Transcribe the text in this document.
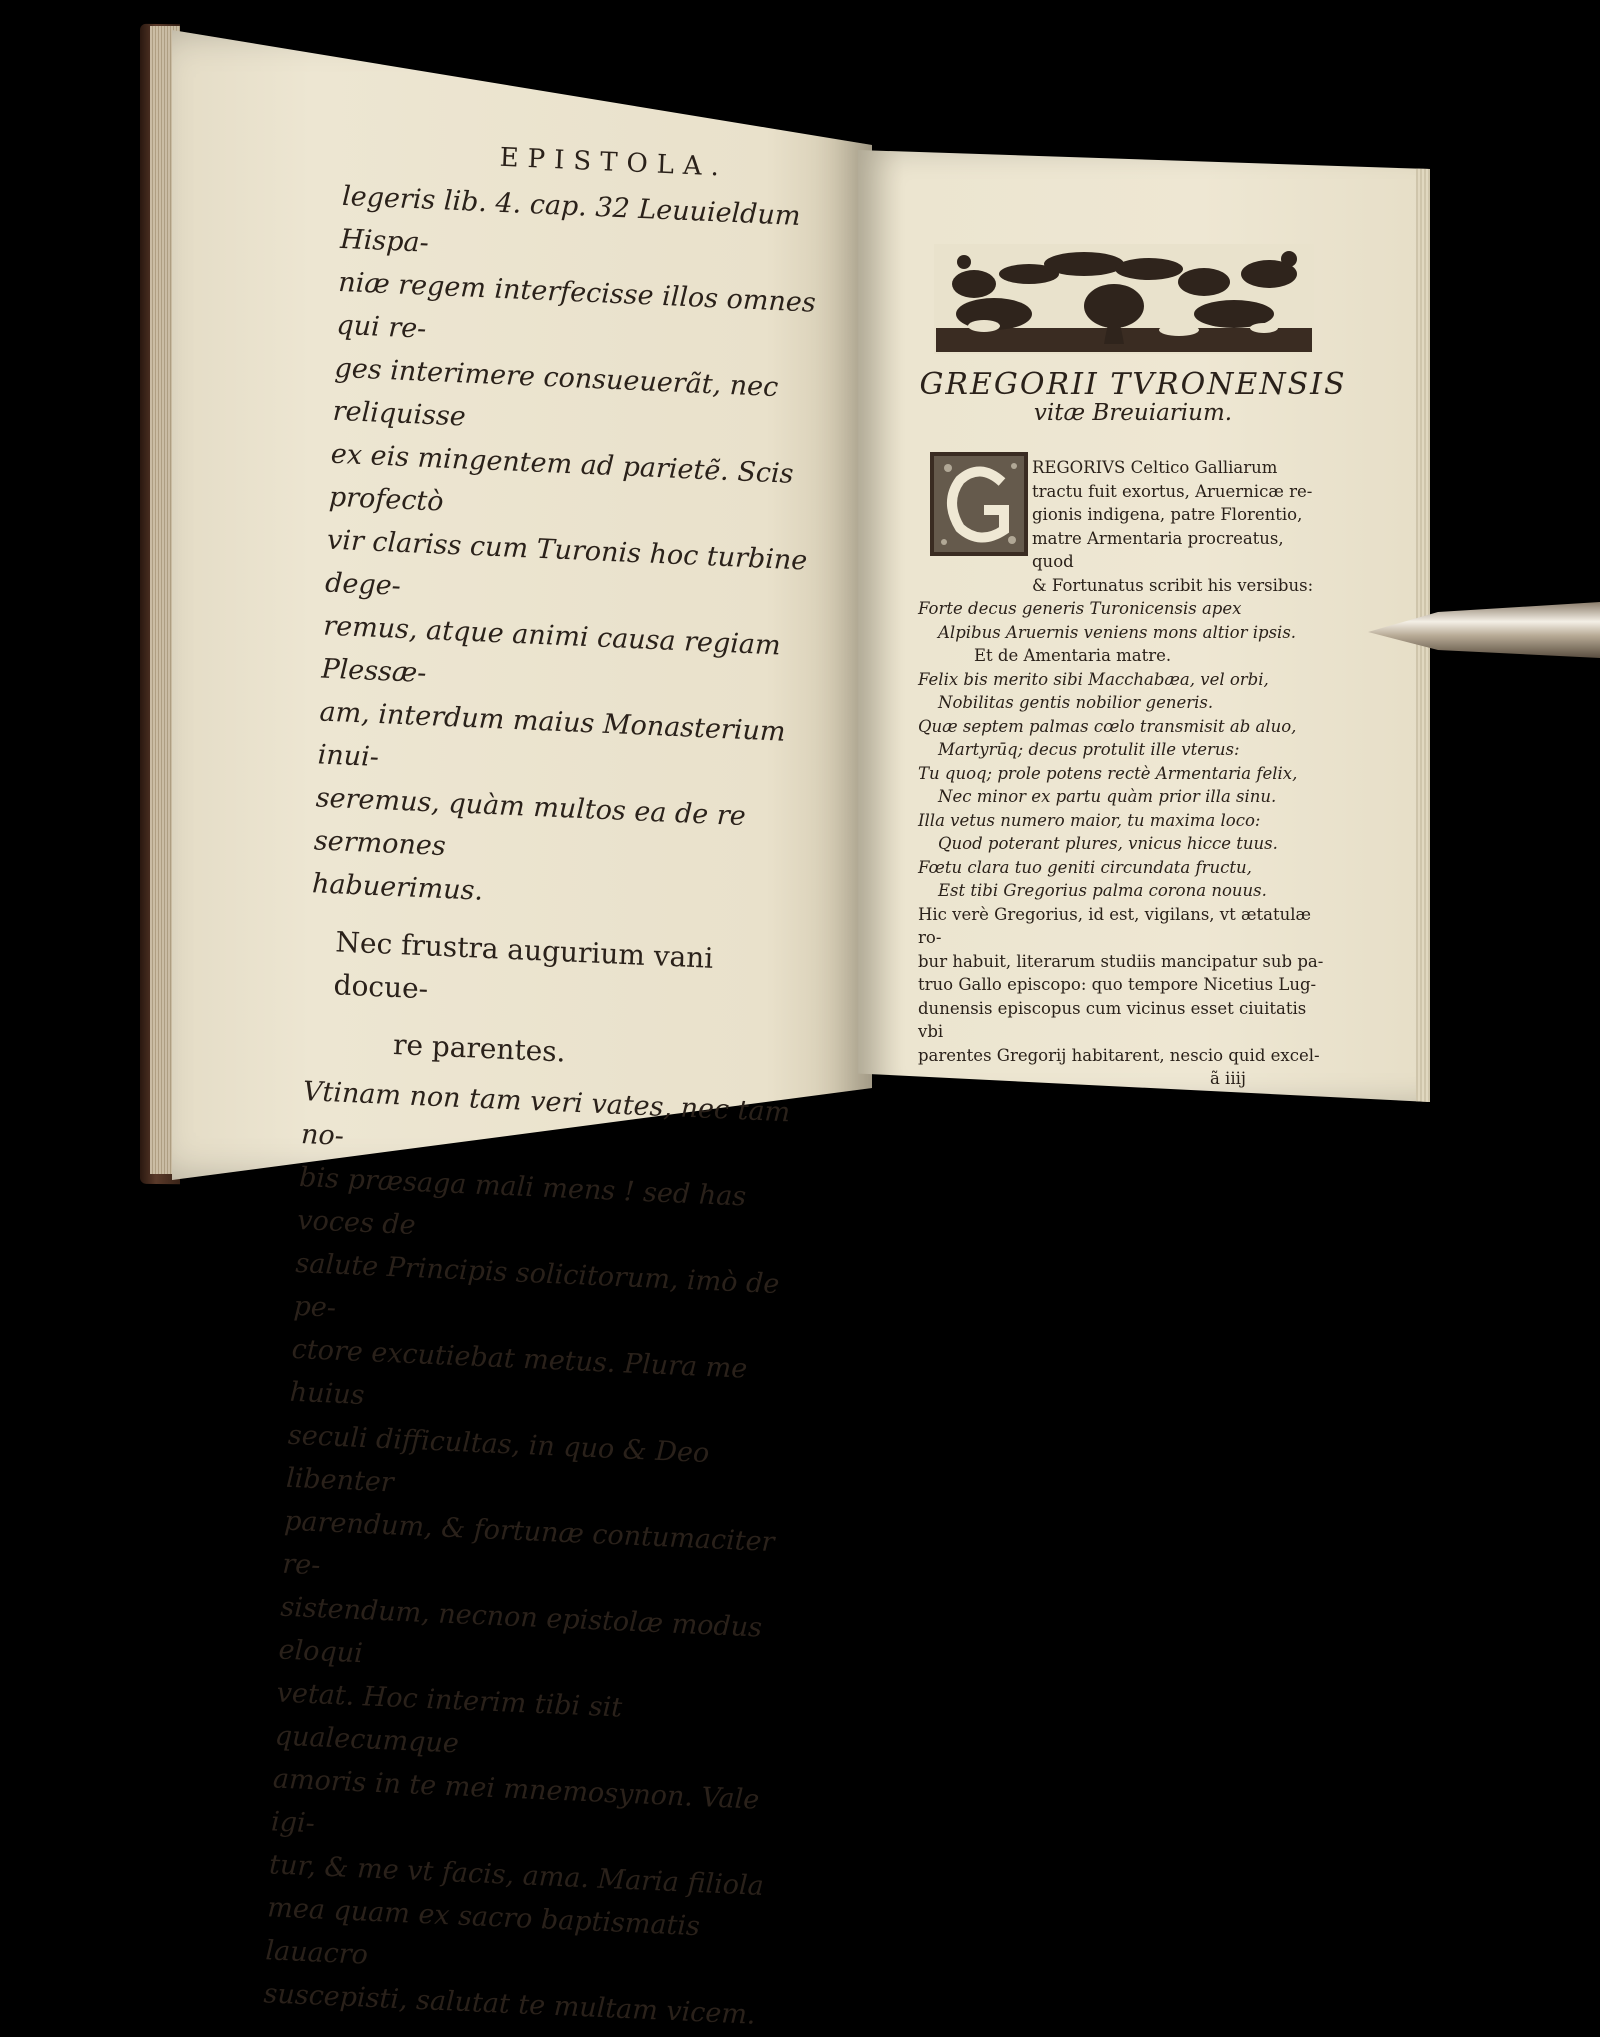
EPISTOLA.

legeris lib. 4. cap. 32 Leuuieldum Hispa-

niæ regem interfecisse illos omnes qui re-

ges interimere consueuerãt, nec reliquisse

ex eis mingentem ad parietẽ. Scis profectò

vir clariss cum Turonis hoc turbine dege-

remus, atque animi causa regiam Plessæ-

am, interdum maius Monasterium inui-

seremus, quàm multos ea de re sermones

habuerimus.

Nec frustra augurium vani docue-

re parentes.

Vtinam non tam veri vates, nec tam no-

bis præsaga mali mens ! sed has voces de

salute Principis solicitorum, imò de pe-

ctore excutiebat metus. Plura me huius

seculi difficultas, in quo & Deo libenter

parendum, & fortunæ contumaciter re-

sistendum, necnon epistolæ modus eloqui

vetat. Hoc interim tibi sit qualecumque

amoris in te mei mnemosynon. Vale igi-

tur, & me vt facis, ama. Maria filiola

mea quam ex sacro baptismatis lauacro

suscepisti, salutat te multam vicem.

GREGORII TVRONENSIS
vitæ Breuiarium.

REGORIVS Celtico Galliarum

tractu fuit exortus, Aruernicæ re-

gionis indigena, patre Florentio,

matre Armentaria procreatus, quod

& Fortunatus scribit his versibus:

Forte decus generis Turonicensis apex

Alpibus Aruernis veniens mons altior ipsis.

Et de Amentaria matre.

Felix bis merito sibi Macchabæa, vel orbi,

Nobilitas gentis nobilior generis.

Quæ septem palmas cœlo transmisit ab aluo,

Martyrūq; decus protulit ille vterus:

Tu quoq; prole potens rectè Armentaria felix,

Nec minor ex partu quàm prior illa sinu.

Illa vetus numero maior, tu maxima loco:

Quod poterant plures, vnicus hicce tuus.

Fœtu clara tuo geniti circundata fructu,

Est tibi Gregorius palma corona nouus.

Hic verè Gregorius, id est, vigilans, vt ætatulæ ro-

bur habuit, literarum studiis mancipatur sub pa-

truo Gallo episcopo: quo tempore Nicetius Lug-

dunensis episcopus cum vicinus esset ciuitatis vbi

parentes Gregorij habitarent, nescio quid excel-

ã iiij
